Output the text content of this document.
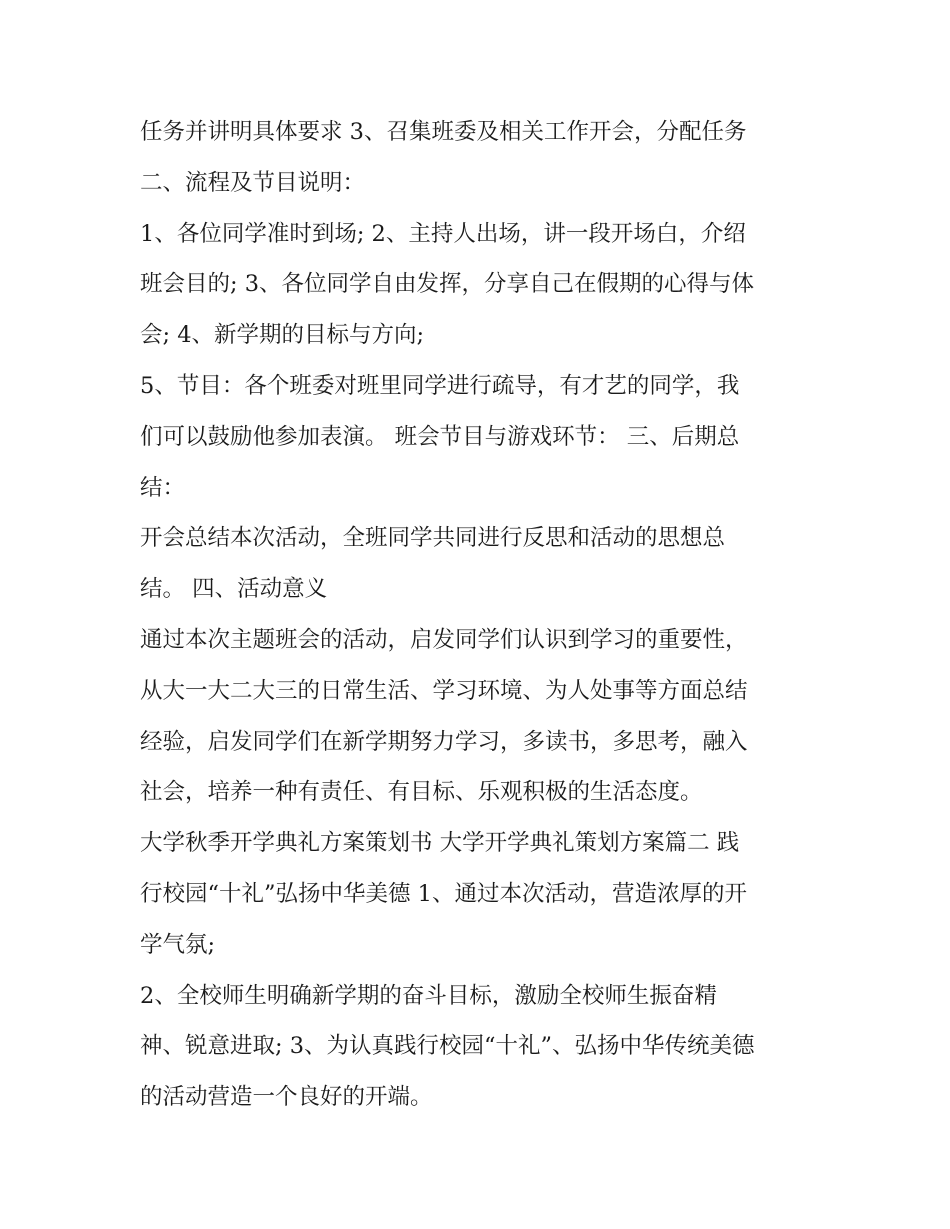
任务并讲明具体要求 3、召集班委及相关工作开会，分配任务
二、流程及节目说明：
1、各位同学准时到场; 2、主持人出场，讲一段开场白，介绍
班会目的; 3、各位同学自由发挥，分享自己在假期的心得与体
会; 4、新学期的目标与方向;
5、节目：各个班委对班里同学进行疏导，有才艺的同学，我
们可以鼓励他参加表演。 班会节目与游戏环节： 三、后期总
结：
开会总结本次活动，全班同学共同进行反思和活动的思想总
结。 四、活动意义
通过本次主题班会的活动，启发同学们认识到学习的重要性，
从大一大二大三的日常生活、学习环境、为人处事等方面总结
经验，启发同学们在新学期努力学习，多读书，多思考，融入
社会，培养一种有责任、有目标、乐观积极的生活态度。
大学秋季开学典礼方案策划书 大学开学典礼策划方案篇二 践
行校园“十礼”弘扬中华美德 1、通过本次活动，营造浓厚的开
学气氛;
2、全校师生明确新学期的奋斗目标，激励全校师生振奋精
神、锐意进取; 3、为认真践行校园“十礼”、弘扬中华传统美德
的活动营造一个良好的开端。
